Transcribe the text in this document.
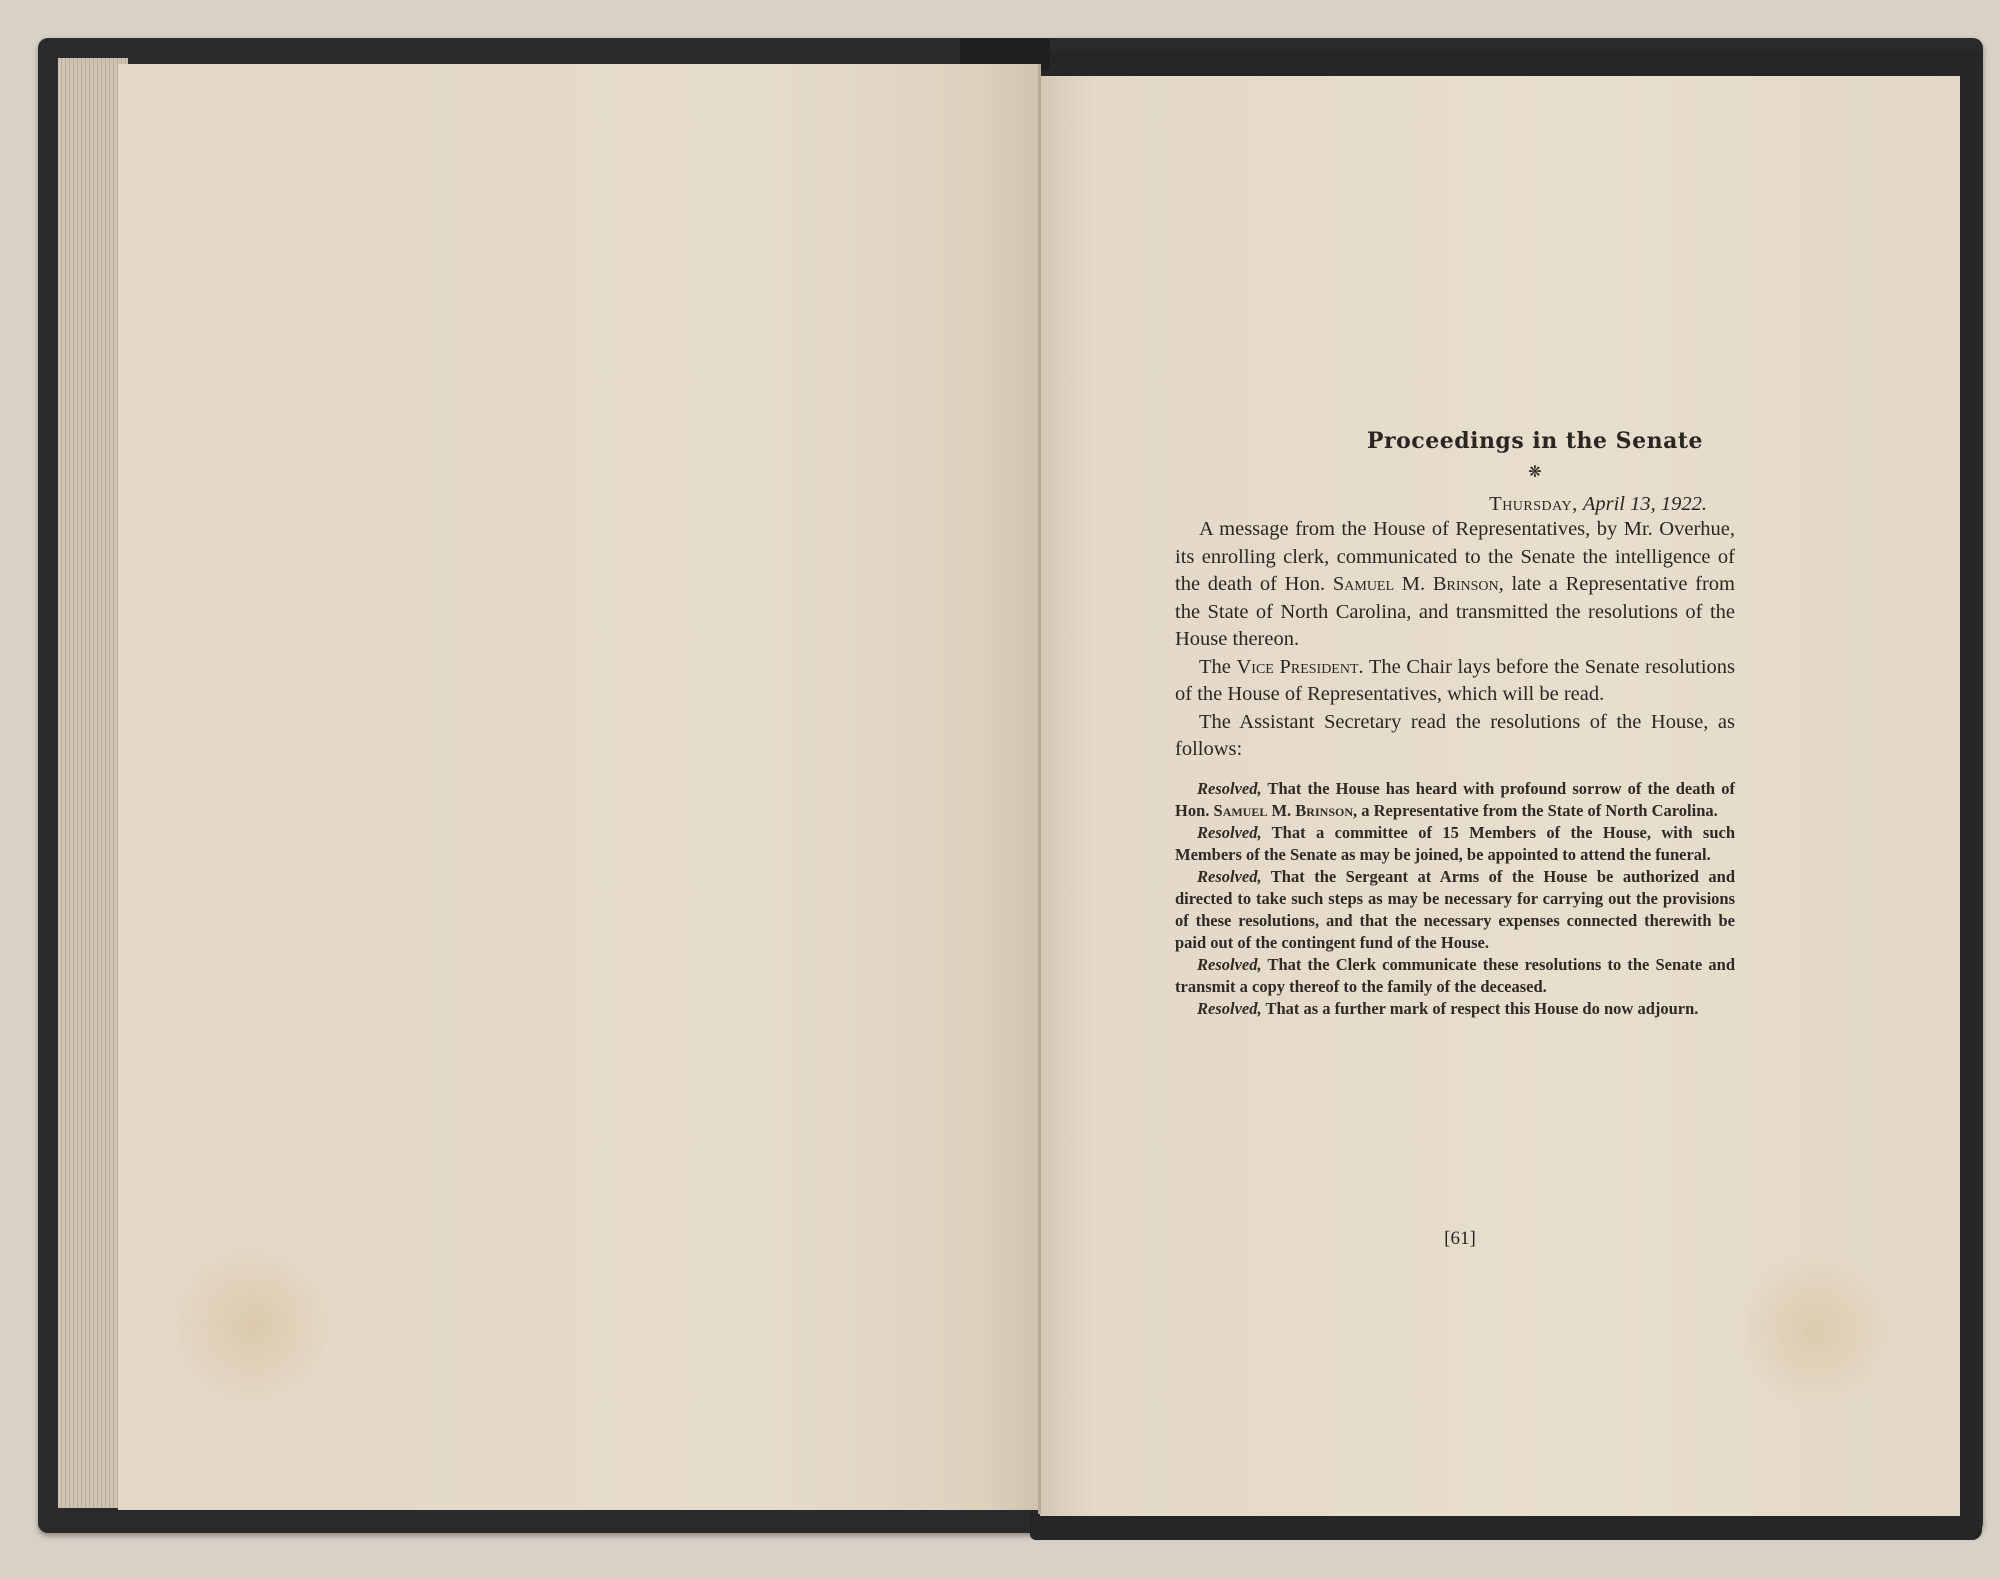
Proceedings in the Senate
❋
Thursday, April 13, 1922.

A message from the House of Representatives, by Mr. Overhue, its enrolling clerk, communicated to the Senate the intelligence of the death of Hon. Samuel M. Brinson, late a Representative from the State of North Carolina, and transmitted the resolutions of the House thereon.

The Vice President. The Chair lays before the Senate resolutions of the House of Representatives, which will be read.

The Assistant Secretary read the resolutions of the House, as follows:

Resolved, That the House has heard with profound sorrow of the death of Hon. Samuel M. Brinson, a Representative from the State of North Carolina.

Resolved, That a committee of 15 Members of the House, with such Members of the Senate as may be joined, be appointed to attend the funeral.

Resolved, That the Sergeant at Arms of the House be authorized and directed to take such steps as may be necessary for carrying out the provisions of these resolutions, and that the necessary expenses connected therewith be paid out of the contingent fund of the House.

Resolved, That the Clerk communicate these resolutions to the Senate and transmit a copy thereof to the family of the deceased.

Resolved, That as a further mark of respect this House do now adjourn.

[61]
